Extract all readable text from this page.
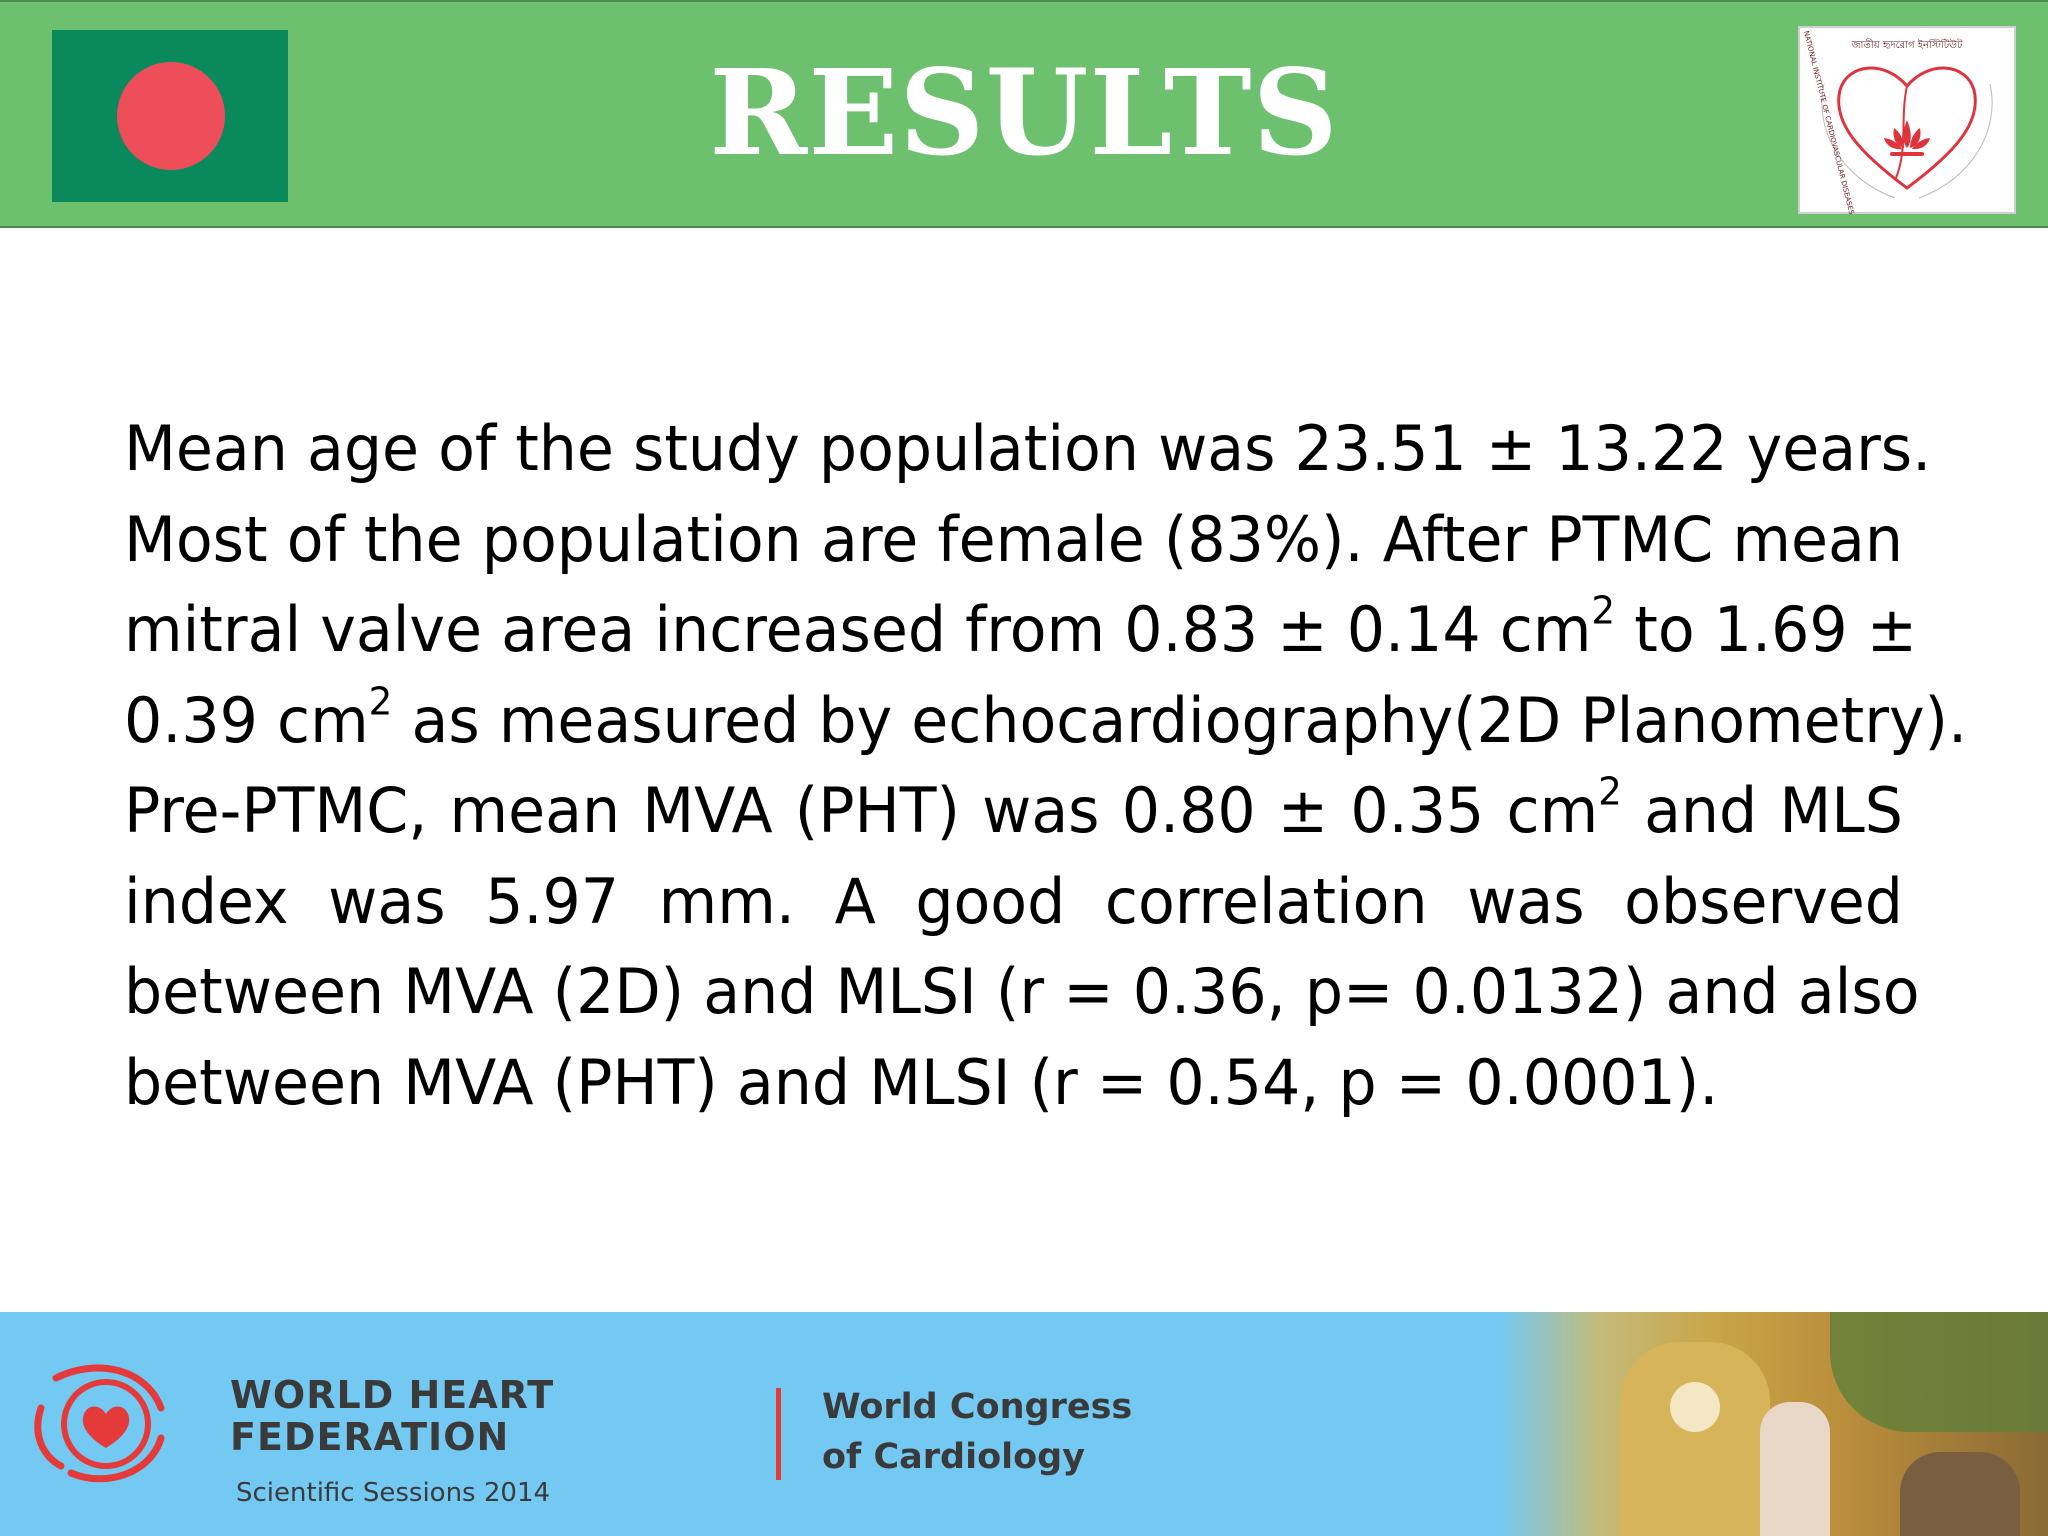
RESULTS	জাতীয় হৃদরোগ ইনস্টিটিউট
NATIONAL INSTITUTE OF CARDIOVASCULAR DISEASES
Mean age of the study population was 23.51 ± 13.22 years.
Most of the population are female (83%). After PTMC mean
mitral valve area increased from 0.83 ± 0.14 $cm^2$ to 1.69 ±
0.39 $cm^2$ as measured by echocardiography(2D Planometry).
Pre-PTMC, mean MVA (PHT) was 0.80 ± 0.35 $cm^2$ and MLS
index was 5.97 mm. A good correlation was observed
between MVA (2D) and MLSI (r = 0.36, p= 0.0132) and also
between MVA (PHT) and MLSI (r = 0.54, p = 0.0001).
WORLD HEART
FEDERATION
Scientific Sessions 2014
World Congress
of Cardiology
